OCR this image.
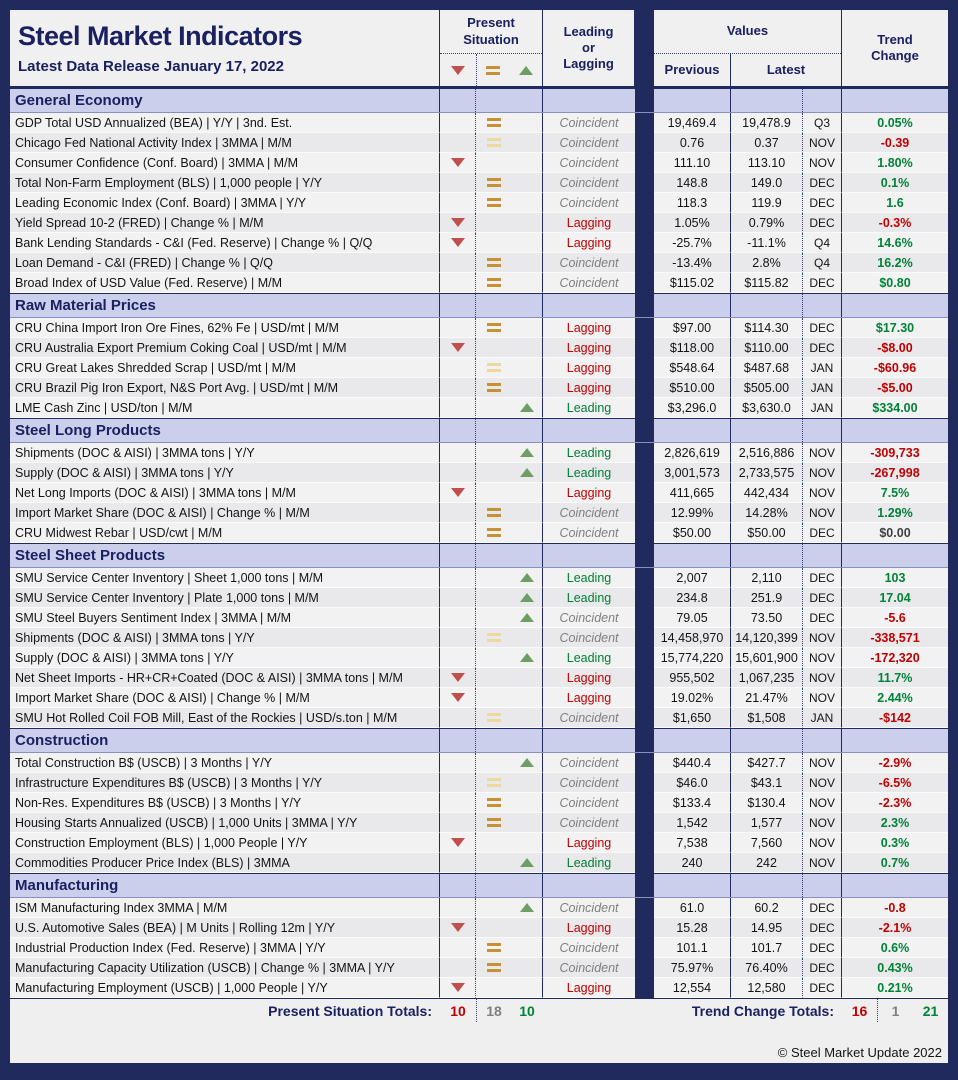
Steel Market Indicators
Latest Data Release January 17, 2022
Present Situation
Leading or Lagging
Values
Previous	Latest
Trend Change
General Economy
GDP Total USD Annualized (BEA) | Y/Y | 3nd. Est.	Coincident	19,469.4 19,478.9 Q3	0.05%
Chicago Fed National Activity Index | 3MMA | M/M	Coincident	0.76	0.37	NOV	-0.39
Consumer Confidence (Conf. Board) | 3MMA | M/M	Coincident	111.10	113.10 NOV	1.80%
Total Non-Farm Employment (BLS) | 1,000 people | Y/Y	Coincident	148.8	149.0 DEC	0.1%
Leading Economic Index (Conf. Board) | 3MMA | Y/Y	Coincident	118.3	119.9 DEC	1.6
Yield Spread 10-2 (FRED) | Change % | M/M	Lagging	1.05%	0.79% DEC	-0.3%
Bank Lending Standards - C&I (Fed. Reserve) | Change % | Q/Q	Lagging	-25.7%	-11.1% Q4	14.6%
Loan Demand - C&I (FRED) | Change % | Q/Q	Coincident	-13.4%	2.8%	Q4	16.2%
Broad Index of USD Value (Fed. Reserve) | M/M	Coincident	$115.02 $115.82 DEC	$0.80
Raw Material Prices
CRU China Import Iron Ore Fines, 62% Fe | USD/mt | M/M	Lagging	$97.00	$114.30 DEC	$17.30
CRU Australia Export Premium Coking Coal | USD/mt | M/M	Lagging	$118.00 $110.00 DEC	-$8.00
CRU Great Lakes Shredded Scrap | USD/mt | M/M	Lagging	$548.64 $487.68 JAN	-$60.96
CRU Brazil Pig Iron Export, N&S Port Avg. | USD/mt | M/M	Lagging	$510.00 $505.00 JAN	-$5.00
LME Cash Zinc | USD/ton | M/M	Leading	$3,296.0 $3,630.0 JAN	$334.00
Steel Long Products
Shipments (DOC & AISI) | 3MMA tons | Y/Y	Leading	2,826,619 2,516,886 NOV	-309,733
Supply (DOC & AISI) | 3MMA tons | Y/Y	Leading	3,001,573 2,733,575 NOV	-267,998
Net Long Imports (DOC & AISI) | 3MMA tons | M/M	Lagging	411,665 442,434 NOV	7.5%
Import Market Share (DOC & AISI) | Change % | M/M	Coincident	12.99%	14.28% NOV	1.29%
CRU Midwest Rebar | USD/cwt | M/M	Coincident	$50.00	$50.00 DEC	$0.00
Steel Sheet Products
SMU Service Center Inventory | Sheet 1,000 tons | M/M	Leading	2,007	2,110 DEC	103
SMU Service Center Inventory | Plate 1,000 tons | M/M	Leading	234.8	251.9 DEC	17.04
SMU Steel Buyers Sentiment Index | 3MMA | M/M	Coincident	79.05	73.50 DEC	-5.6
Shipments (DOC & AISI) | 3MMA tons | Y/Y	Coincident	14,458,970 14,120,399 NOV	-338,571
Supply (DOC & AISI) | 3MMA tons | Y/Y	Leading	15,774,220 15,601,900 NOV	-172,320
Net Sheet Imports - HR+CR+Coated (DOC & AISI) | 3MMA tons | M/M	Lagging	955,502 1,067,235 NOV	11.7%
Import Market Share (DOC & AISI) | Change % | M/M	Lagging	19.02%	21.47% NOV	2.44%
SMU Hot Rolled Coil FOB Mill, East of the Rockies | USD/s.ton | M/M	Coincident	$1,650	$1,508 JAN	-$142
Construction
Total Construction B$ (USCB) | 3 Months | Y/Y	Coincident	$440.4	$427.7 NOV	-2.9%
Infrastructure Expenditures B$ (USCB) | 3 Months | Y/Y	Coincident	$46.0	$43.1 NOV	-6.5%
Non-Res. Expenditures B$ (USCB) | 3 Months | Y/Y	Coincident	$133.4	$130.4 NOV	-2.3%
Housing Starts Annualized (USCB) | 1,000 Units | 3MMA | Y/Y	Coincident	1,542	1,577 NOV	2.3%
Construction Employment (BLS) | 1,000 People | Y/Y	Lagging	7,538	7,560 NOV	0.3%
Commodities Producer Price Index (BLS) | 3MMA	Leading	240	242	NOV	0.7%
Manufacturing
ISM Manufacturing Index 3MMA | M/M	Coincident	61.0	60.2	DEC	-0.8
U.S. Automotive Sales (BEA) | M Units | Rolling 12m | Y/Y	Lagging	15.28	14.95 DEC	-2.1%
Industrial Production Index (Fed. Reserve) | 3MMA | Y/Y	Coincident	101.1	101.7 DEC	0.6%
Manufacturing Capacity Utilization (USCB) | Change % | 3MMA | Y/Y	Coincident	75.97%	76.40% DEC	0.43%
Manufacturing Employment (USCB) | 1,000 People | Y/Y	Lagging	12,554	12,580 DEC	0.21%
Present Situation Totals:	10 18 10	Trend Change Totals:	16 1 21
© Steel Market Update 2022
